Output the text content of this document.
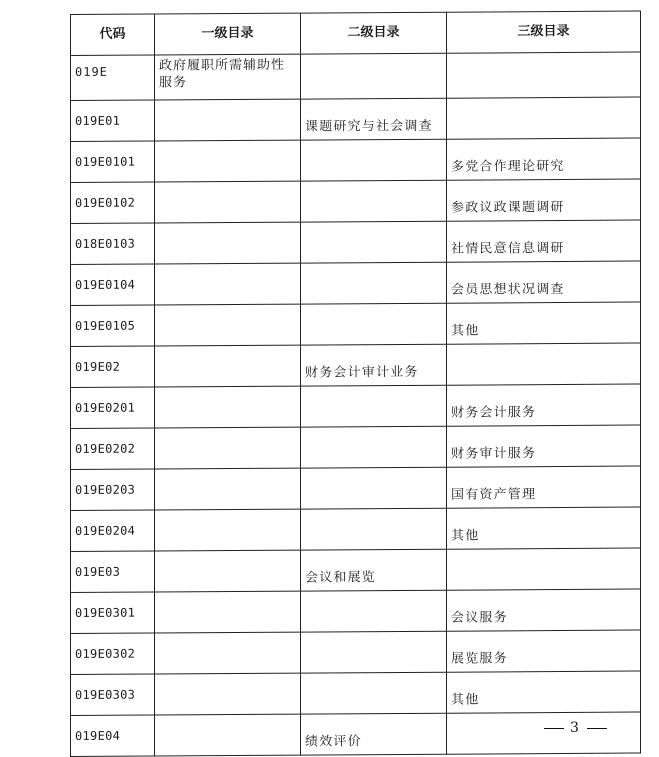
代码	一级目录	二级目录	三级目录
019E	政府履职所需辅助性服务		
019E01		课题研究与社会调查	
019E0101			多党合作理论研究
019E0102			参政议政课题调研
018E0103			社情民意信息调研
019E0104			会员思想状况调查
019E0105			其他
019E02		财务会计审计业务	
019E0201			财务会计服务
019E0202			财务审计服务
019E0203			国有资产管理
019E0204			其他
019E03		会议和展览	
019E0301			会议服务
019E0302			展览服务
019E0303			其他
019E04		绩效评价	
3
